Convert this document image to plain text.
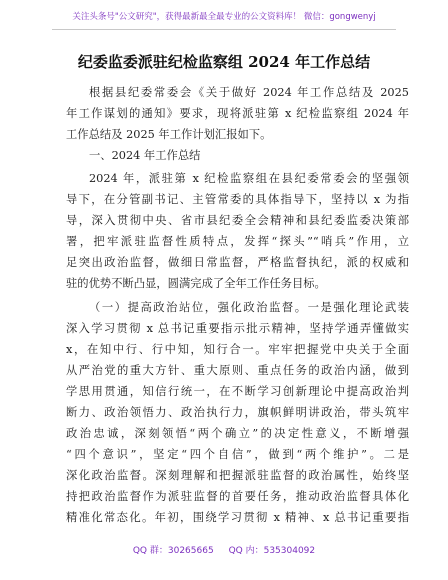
关注头条号"公文研究"，获得最新最全最专业的公文资料库！ 微信：gongwenyj
纪委监委派驻纪检监察组 2024 年工作总结
根据县纪委常委会《关于做好 2024 年工作总结及 2025
年工作谋划的通知》要求，现将派驻第 x 纪检监察组 2024 年
工作总结及 2025 年工作计划汇报如下。
一、2024 年工作总结
2024 年，派驻第 x 纪检监察组在县纪委常委会的坚强领
导下，在分管副书记、主管常委的具体指导下，坚持以 x 为指
导，深入贯彻中央、省市县纪委全会精神和县纪委监委决策部
署，把牢派驻监督性质特点，发挥“探头”“哨兵”作用，立
足突出政治监督，做细日常监督，严格监督执纪，派的权威和
驻的优势不断凸显，圆满完成了全年工作任务目标。
（一）提高政治站位，强化政治监督。一是强化理论武装
深入学习贯彻 x 总书记重要指示批示精神，坚持学通弄懂做实
x，在知中行、行中知，知行合一。牢牢把握党中央关于全面
从严治党的重大方针、重大原则、重点任务的政治内涵，做到
学思用贯通，知信行统一，在不断学习创新理论中提高政治判
断力、政治领悟力、政治执行力，旗帜鲜明讲政治，带头筑牢
政治忠诚，深刻领悟“两个确立”的决定性意义，不断增强
“四个意识”，坚定“四个自信”，做到“两个维护”。二是
深化政治监督。深刻理解和把握派驻监督的政治属性，始终坚
持把政治监督作为派驻监督的首要任务，推动政治监督具体化
精准化常态化。年初，围绕学习贯彻 x 精神、x 总书记重要指
QQ 群：30265665 QQ 内：535304092
